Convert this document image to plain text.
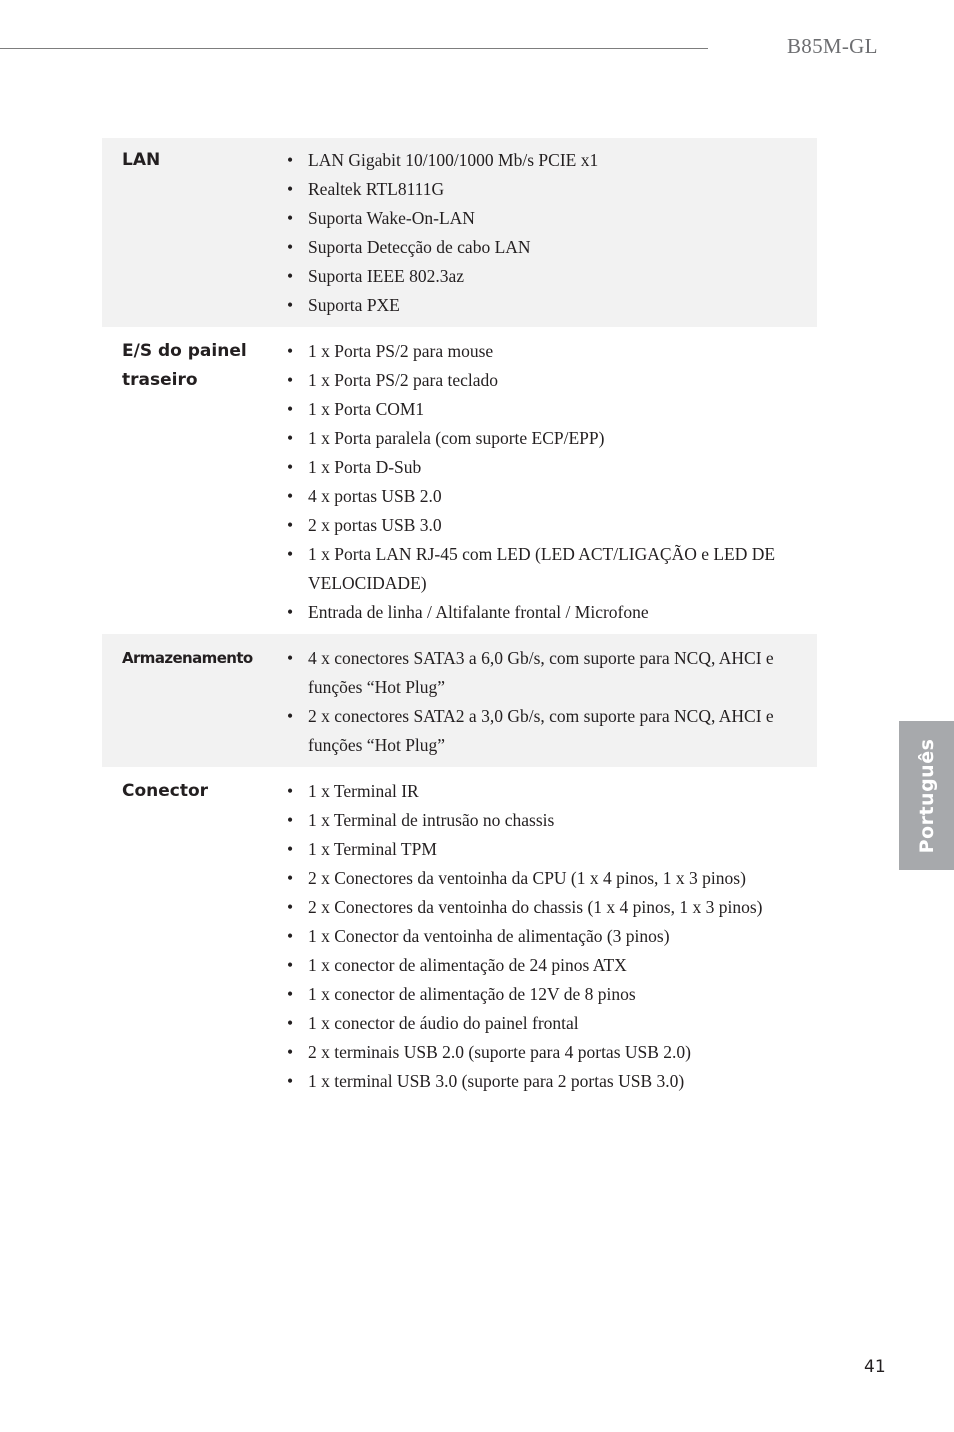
B85M-GL
Português
LAN	• LAN Gigabit 10/100/1000 Mb/s PCIE x1
• Realtek RTL8111G
• Suporta Wake-On-LAN
• Suporta Detecção de cabo LAN
• Suporta IEEE 802.3az
• Suporta PXE
E/S do painel traseiro
• 1 x Porta PS/2 para mouse
• 1 x Porta PS/2 para teclado
• 1 x Porta COM1
• 1 x Porta paralela (com suporte ECP/EPP)
• 1 x Porta D-Sub
• 4 x portas USB 2.0
• 2 x portas USB 3.0
• 1 x Porta LAN RJ-45 com LED (LED ACT/LIGAÇÃO e LED DE VELOCIDADE)
• Entrada de linha / Altifalante frontal / Microfone
Armazenamento	• 4 x conectores SATA3 a 6,0 Gb/s, com suporte para NCQ, AHCI e funções “Hot Plug”
• 2 x conectores SATA2 a 3,0 Gb/s, com suporte para NCQ, AHCI e funções “Hot Plug”
Conector	• 1 x Terminal IR
• 1 x Terminal de intrusão no chassis
• 1 x Terminal TPM
• 2 x Conectores da ventoinha da CPU (1 x 4 pinos, 1 x 3 pinos)
• 2 x Conectores da ventoinha do chassis (1 x 4 pinos, 1 x 3 pinos)
• 1 x Conector da ventoinha de alimentação (3 pinos)
• 1 x conector de alimentação de 24 pinos ATX
• 1 x conector de alimentação de 12V de 8 pinos
• 1 x conector de áudio do painel frontal
• 2 x terminais USB 2.0 (suporte para 4 portas USB 2.0)
• 1 x terminal USB 3.0 (suporte para 2 portas USB 3.0)
41
